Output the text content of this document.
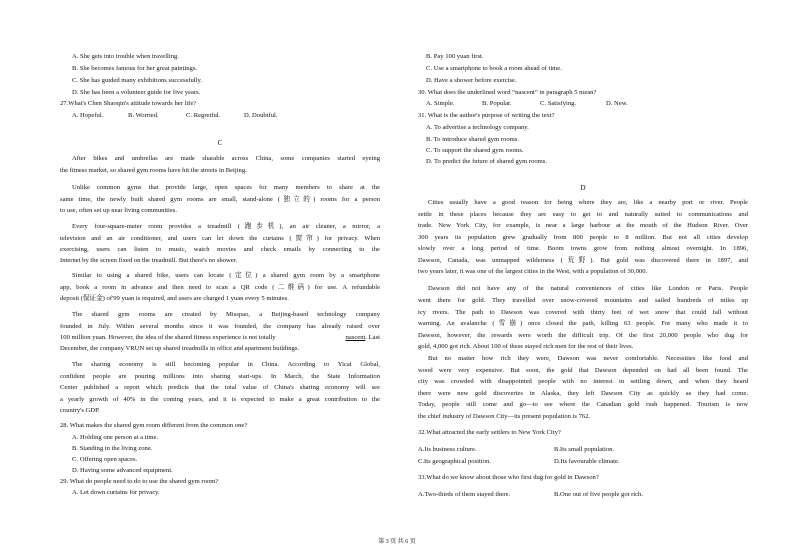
A. She gets into trouble when travelling.
B. She becomes famous for her great paintings.
C. She has guided many exhibitions successfully.
D. She has been a volunteer guide for five years.
27.What's Chen Shaoqin's attitude towards her life?
A. Hopeful.	B. Worried.	C. Regretful.	D. Doubtful.
C
After bikes and umbrellas are made sharable across China, some companies started eyeing
the fitness market, so shared gym rooms have hit the streets in Beijing.
Unlike common gyms that provide large, open spaces for many members to share at the
same time, the newly built shared gym rooms are small, stand-alone (独立的) rooms for a person
to use, often set up near living communities.
Every four-square-meter room provides a treadmill (跑步机), an air cleaner, a mirror, a
television and an air conditioner, and users can let down the curtains (窗帘) for privacy. When
exercising, users can listen to music, watch movies and check emails by connecting to the
Internet by the screen fixed on the treadmill. But there's no shower.
Similar to using a shared bike, users can locate (定位) a shared gym room by a smartphone
app, book a room in advance and then need to scan a QR code (二维码) for use. A refundable
deposit (保证金) of'99 yuan is required, and users are charged 1 yuan every 5 minutes.
The shared gym rooms are created by Misspao, a Beijing-based technology company
founded in July. Within several months since it was founded, the company has already raised over
100 million yuan. However, the idea of the shared fitness experience is not totally	nascent. Last
December, the company VRUN set up shared treadmills in office and apartment buildings.
The sharing economy is still becoming popular in China. According to Yicai Global,
confident people are pouring millions into sharing start-ups. In March, the State Information
Center published a report which predicts that the total value of China's sharing economy will see
a yearly growth of 40% in the coming years, and it is expected to make a great contribution to the
country's GDP.
28. What makes the shared gym room different from the common one?
A. Holding one person at a time.
B. Standing in the living zone.
C. Offering open spaces.
D. Having some advanced equipment.
29. What do people need to do to use the shared gym room?
A. Let down curtains for privacy.
B. Pay 100 yuan first.
C. Use a smartphone to book a room ahead of time.
D. Have a shower before exercise.
30. What does the underlined word “nascent” in paragraph 5 mean?
A. Simple.	B. Popular.	C. Satisfying.	D. New.
31. What is the author's purpose of writing the text?
A. To advertise a technology company.
B. To introduce shared gym rooms.
C. To support the shared gym rooms.
D. To predict the future of shared gym rooms.
D
Cities usually have a good reason for being where they are, like a nearby port or river. People
settle in these places because they are easy to get to and naturally suited to communications and
trade. New York City, for example, is near a large harbour at the mouth of the Hudson River. Over
300 years its population grew gradually from 800 people to 8 million. But not all cities develop
slowly over a long period of time. Boom towns grow from nothing almost overnight. In 1896,
Dawson, Canada, was unmapped wilderness (荒野). But gold was discovered there in 1897, and
two years later, it was one of the largest cities in the West, with a population of 30,000.
Dawson did not have any of the natural conveniences of cities like London or Paris. People
went there for gold. They travelled over snow-covered mountains and sailed hundreds of miles up
icy rivers. The path to Dawson was covered with thirty feet of wet snow that could fall without
warning. An avalanche (雪崩) once closed the path, killing 63 people. For many who made it to
Dawson, however, the rewards were worth the difficult trip. Of the first 20,000 people who dug for
gold, 4,000 got rich. About 100 of these stayed rich men for the rest of their lives.
But no matter how rich they were, Dawson was never comfortable. Necessities like food and
wood were very expensive. But soon, the gold that Dawson depended on had all been found. The
city was crowded with disappointed people with no interest in settling down, and when they heard
there were new gold discoveries in Alaska, they left Dawson City as quickly as they had come.
Today, people still come and go—to see where the Canadian gold rush happened. Tourism is now
the chief industry of Dawson City—its present population is 762.
32.What attracted the early settlers to New York City?
A.Its business culture.	B.Its small population.
C.Its geographical position.	D.Its favourable climate.
33.What do we know about those who first dug for gold in Dawson?
A.Two-thirds of them stayed there.	B.One out of five people got rich.
第 3 页 共 6 页
